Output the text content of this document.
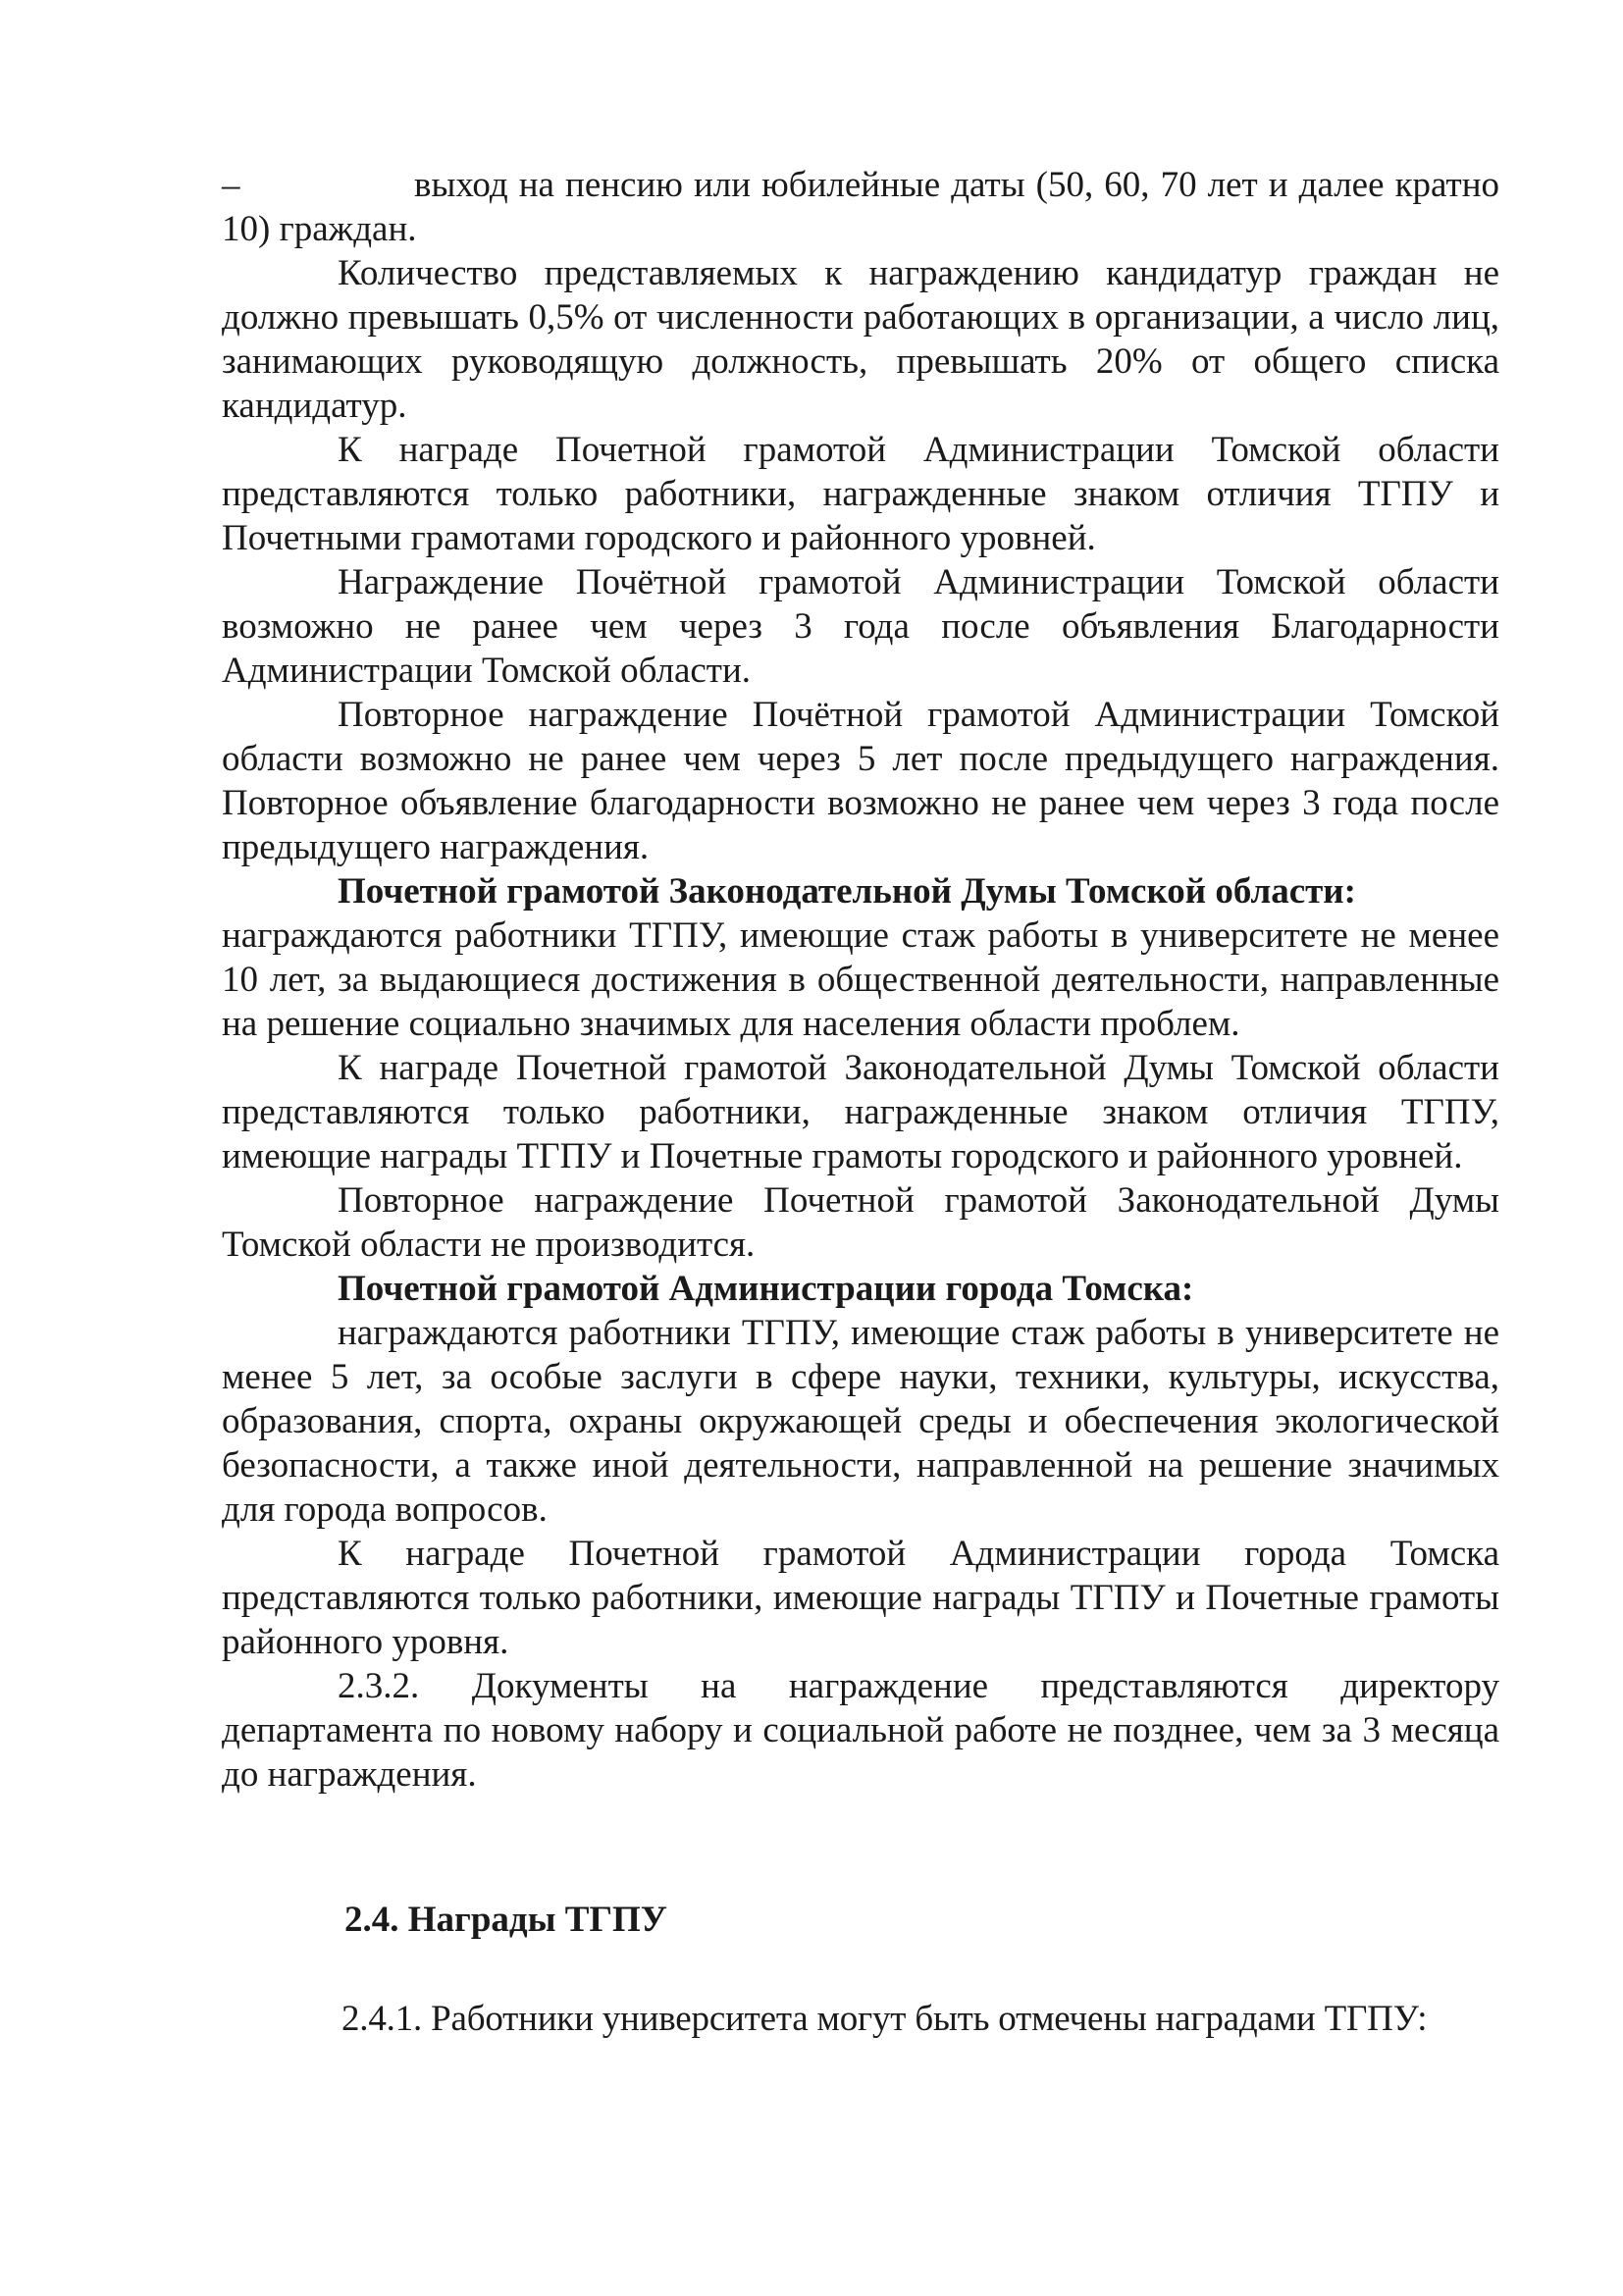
–	выход на пенсию или юбилейные даты (50, 60, 70 лет и далее кратно 10) граждан.

Количество представляемых к награждению кандидатур граждан не должно превышать 0,5% от численности работающих в организации, а число лиц, занимающих руководящую должность, превышать 20% от общего списка кандидатур.

К награде Почетной грамотой Администрации Томской области представляются только работники, награжденные знаком отличия ТГПУ и Почетными грамотами городского и районного уровней.

Награждение Почётной грамотой Администрации Томской области возможно не ранее чем через 3 года после объявления Благодарности Администрации Томской области.

Повторное награждение Почётной грамотой Администрации Томской области возможно не ранее чем через 5 лет после предыдущего награждения. Повторное объявление благодарности возможно не ранее чем через 3 года после предыдущего награждения.

Почетной грамотой Законодательной Думы Томской области:

награждаются работники ТГПУ, имеющие стаж работы в университете не менее 10 лет, за выдающиеся достижения в общественной деятельности, направленные на решение социально значимых для населения области проблем.

К награде Почетной грамотой Законодательной Думы Томской области представляются только работники, награжденные знаком отличия ТГПУ, имеющие награды ТГПУ и Почетные грамоты городского и районного уровней.

Повторное награждение Почетной грамотой Законодательной Думы Томской области не производится.

Почетной грамотой Администрации города Томска:

награждаются работники ТГПУ, имеющие стаж работы в университете не менее 5 лет, за особые заслуги в сфере науки, техники, культуры, искусства, образования, спорта, охраны окружающей среды и обеспечения экологической безопасности, а также иной деятельности, направленной на решение значимых для города вопросов.

К награде Почетной грамотой Администрации города Томска представляются только работники, имеющие награды ТГПУ и Почетные грамоты районного уровня.

2.3.2. Документы на награждение представляются директору департамента по новому набору и социальной работе не позднее, чем за 3 месяца до награждения.

2.4. Награды ТГПУ

2.4.1. Работники университета могут быть отмечены наградами ТГПУ:
